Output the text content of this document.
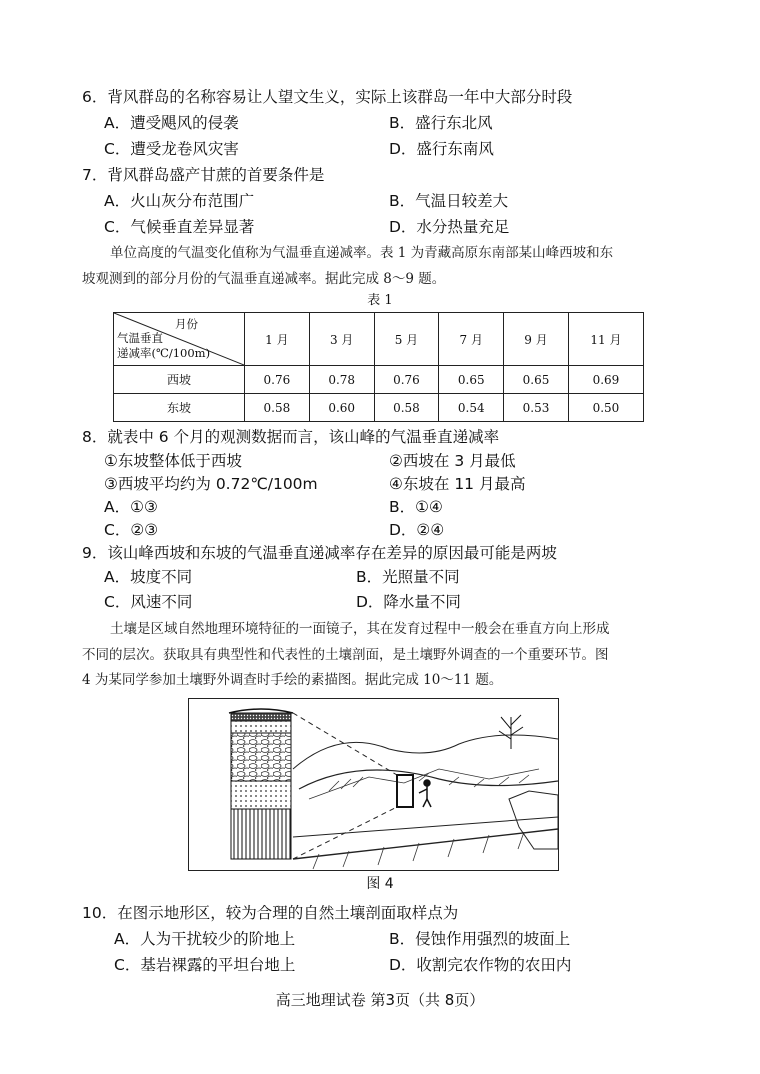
6．背风群岛的名称容易让人望文生义，实际上该群岛一年中大部分时段
A．遭受飓风的侵袭	B．盛行东北风
C．遭受龙卷风灾害	D．盛行东南风
7．背风群岛盛产甘蔗的首要条件是
A．火山灰分布范围广	B．气温日较差大
C．气候垂直差异显著	D．水分热量充足
单位高度的气温变化值称为气温垂直递减率。表 1 为青藏高原东南部某山峰西坡和东
坡观测到的部分月份的气温垂直递减率。据此完成 8～9 题。
表 1
月份
气温垂直
递减率(℃/100m)	1 月	3 月	5 月	7 月	9 月	11 月
西坡	0.76	0.78	0.76	0.65	0.65	0.69
东坡	0.58	0.60	0.58	0.54	0.53	0.50
8．就表中 6 个月的观测数据而言，该山峰的气温垂直递减率
①东坡整体低于西坡	②西坡在 3 月最低
③西坡平均约为 0.72℃/100m	④东坡在 11 月最高
A．①③	B．①④
C．②③	D．②④
9．该山峰西坡和东坡的气温垂直递减率存在差异的原因最可能是两坡
A．坡度不同	B．光照量不同
C．风速不同	D．降水量不同
土壤是区域自然地理环境特征的一面镜子，其在发育过程中一般会在垂直方向上形成
不同的层次。获取具有典型性和代表性的土壤剖面，是土壤野外调查的一个重要环节。图
4 为某同学参加土壤野外调查时手绘的素描图。据此完成 10～11 题。
图 4
10．在图示地形区，较为合理的自然土壤剖面取样点为
A．人为干扰较少的阶地上	B．侵蚀作用强烈的坡面上
C．基岩裸露的平坦台地上	D．收割完农作物的农田内
高三地理试卷 第3页（共 8页）
